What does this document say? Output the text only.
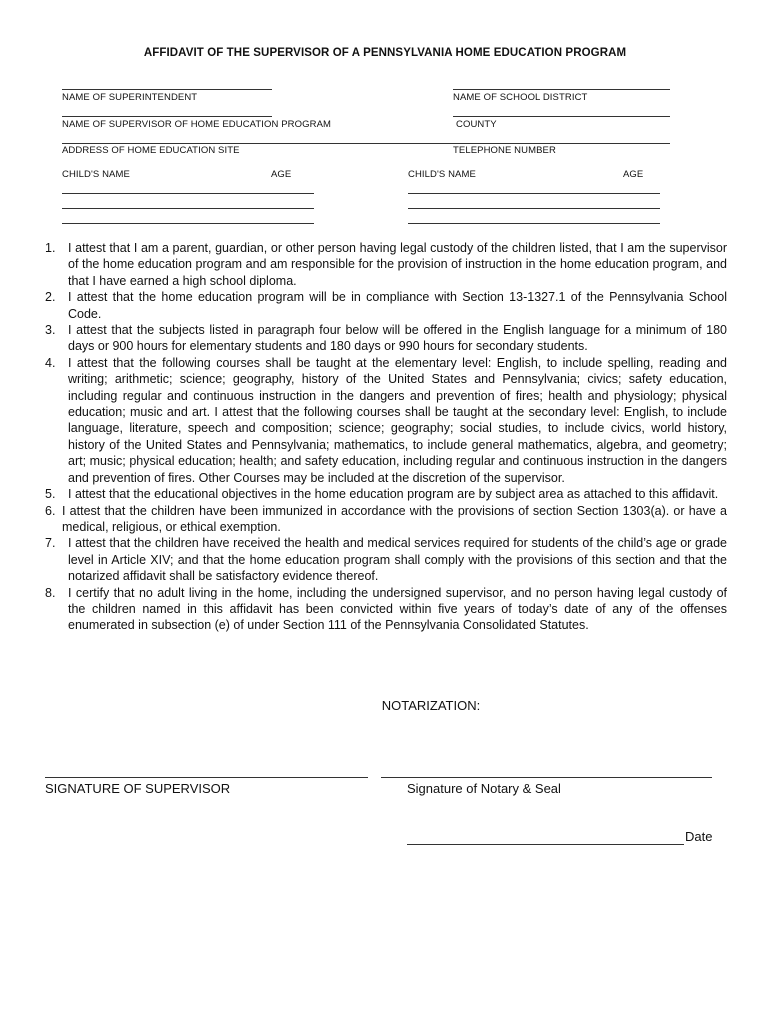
AFFIDAVIT OF THE SUPERVISOR OF A PENNSYLVANIA HOME EDUCATION PROGRAM
NAME OF SUPERINTENDENT	NAME OF SCHOOL DISTRICT
NAME OF SUPERVISOR OF HOME EDUCATION PROGRAM	COUNTY
ADDRESS OF HOME EDUCATION SITE	TELEPHONE NUMBER
CHILD'S NAME	AGE	CHILD'S NAME	AGE
1. I attest that I am a parent, guardian, or other person having legal custody of the children listed, that I am the supervisor of the home education program and am responsible for the provision of instruction in the home education program, and that I have earned a high school diploma.
2. I attest that the home education program will be in compliance with Section 13-1327.1 of the Pennsylvania School Code.
3. I attest that the subjects listed in paragraph four below will be offered in the English language for a minimum of 180 days or 900 hours for elementary students and 180 days or 990 hours for secondary students.
4. I attest that the following courses shall be taught at the elementary level: English, to include spelling, reading and writing; arithmetic; science; geography, history of the United States and Pennsylvania; civics; safety education, including regular and continuous instruction in the dangers and prevention of fires; health and physiology; physical education; music and art. I attest that the following courses shall be taught at the secondary level: English, to include language, literature, speech and composition; science; geography; social studies, to include civics, world history, history of the United States and Pennsylvania; mathematics, to include general mathematics, algebra, and geometry; art; music; physical education; health; and safety education, including regular and continuous instruction in the dangers and prevention of fires. Other Courses may be included at the discretion of the supervisor.
5. I attest that the educational objectives in the home education program are by subject area as attached to this affidavit.
6. I attest that the children have been immunized in accordance with the provisions of section Section 1303(a). or have a medical, religious, or ethical exemption.
7. I attest that the children have received the health and medical services required for students of the child’s age or grade level in Article XIV; and that the home education program shall comply with the provisions of this section and that the notarized affidavit shall be satisfactory evidence thereof.
8. I certify that no adult living in the home, including the undersigned supervisor, and no person having legal custody of the children named in this affidavit has been convicted within five years of today’s date of any of the offenses enumerated in subsection (e) of under Section 111 of the Pennsylvania Consolidated Statutes.
NOTARIZATION:
SIGNATURE OF SUPERVISOR	Signature of Notary & Seal
Date
